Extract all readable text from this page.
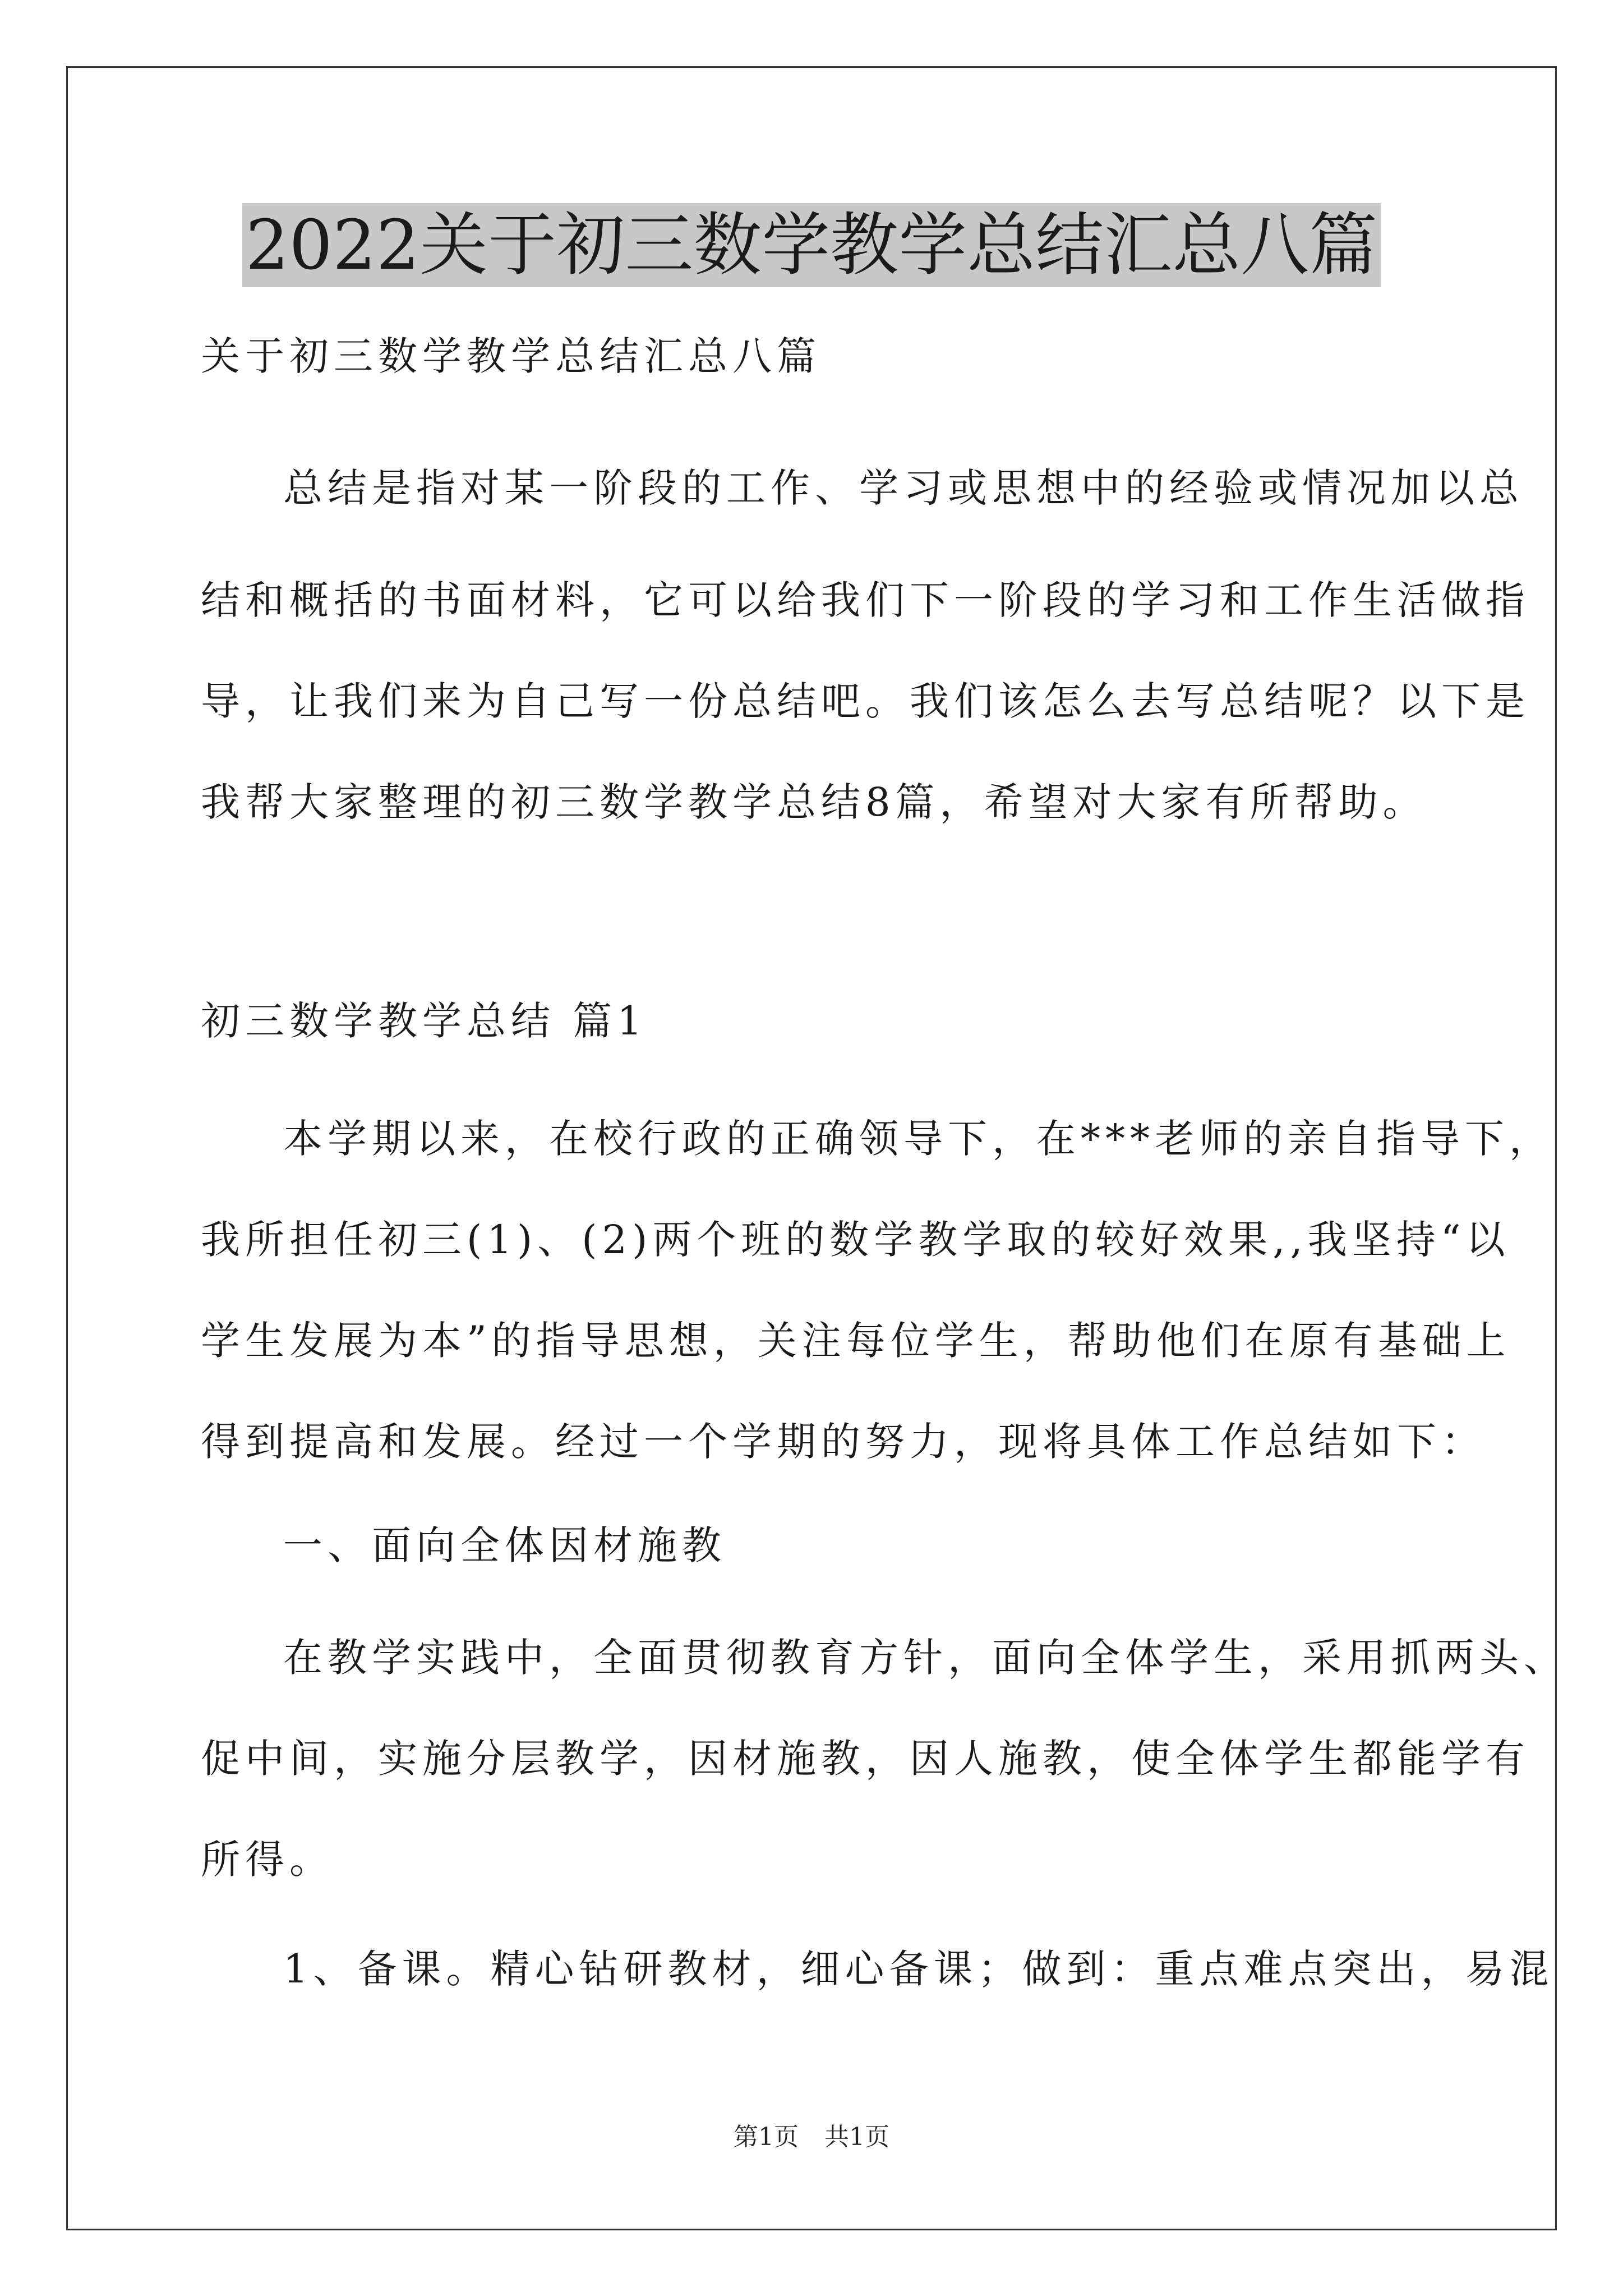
2022关于初三数学教学总结汇总八篇

关于初三数学教学总结汇总八篇

总结是指对某一阶段的工作、学习或思想中的经验或情况加以总

结和概括的书面材料，它可以给我们下一阶段的学习和工作生活做指

导，让我们来为自己写一份总结吧。我们该怎么去写总结呢？以下是

我帮大家整理的初三数学教学总结8篇，希望对大家有所帮助。

初三数学教学总结 篇1

本学期以来，在校行政的正确领导下，在***老师的亲自指导下，

我所担任初三(1)、(2)两个班的数学教学取的较好效果,,我坚持“以

学生发展为本”的指导思想，关注每位学生，帮助他们在原有基础上

得到提高和发展。经过一个学期的努力，现将具体工作总结如下：

一、面向全体因材施教

在教学实践中，全面贯彻教育方针，面向全体学生，采用抓两头、

促中间，实施分层教学，因材施教，因人施教，使全体学生都能学有

所得。

1、备课。精心钻研教材，细心备课；做到：重点难点突出，易混

第1页 共1页
